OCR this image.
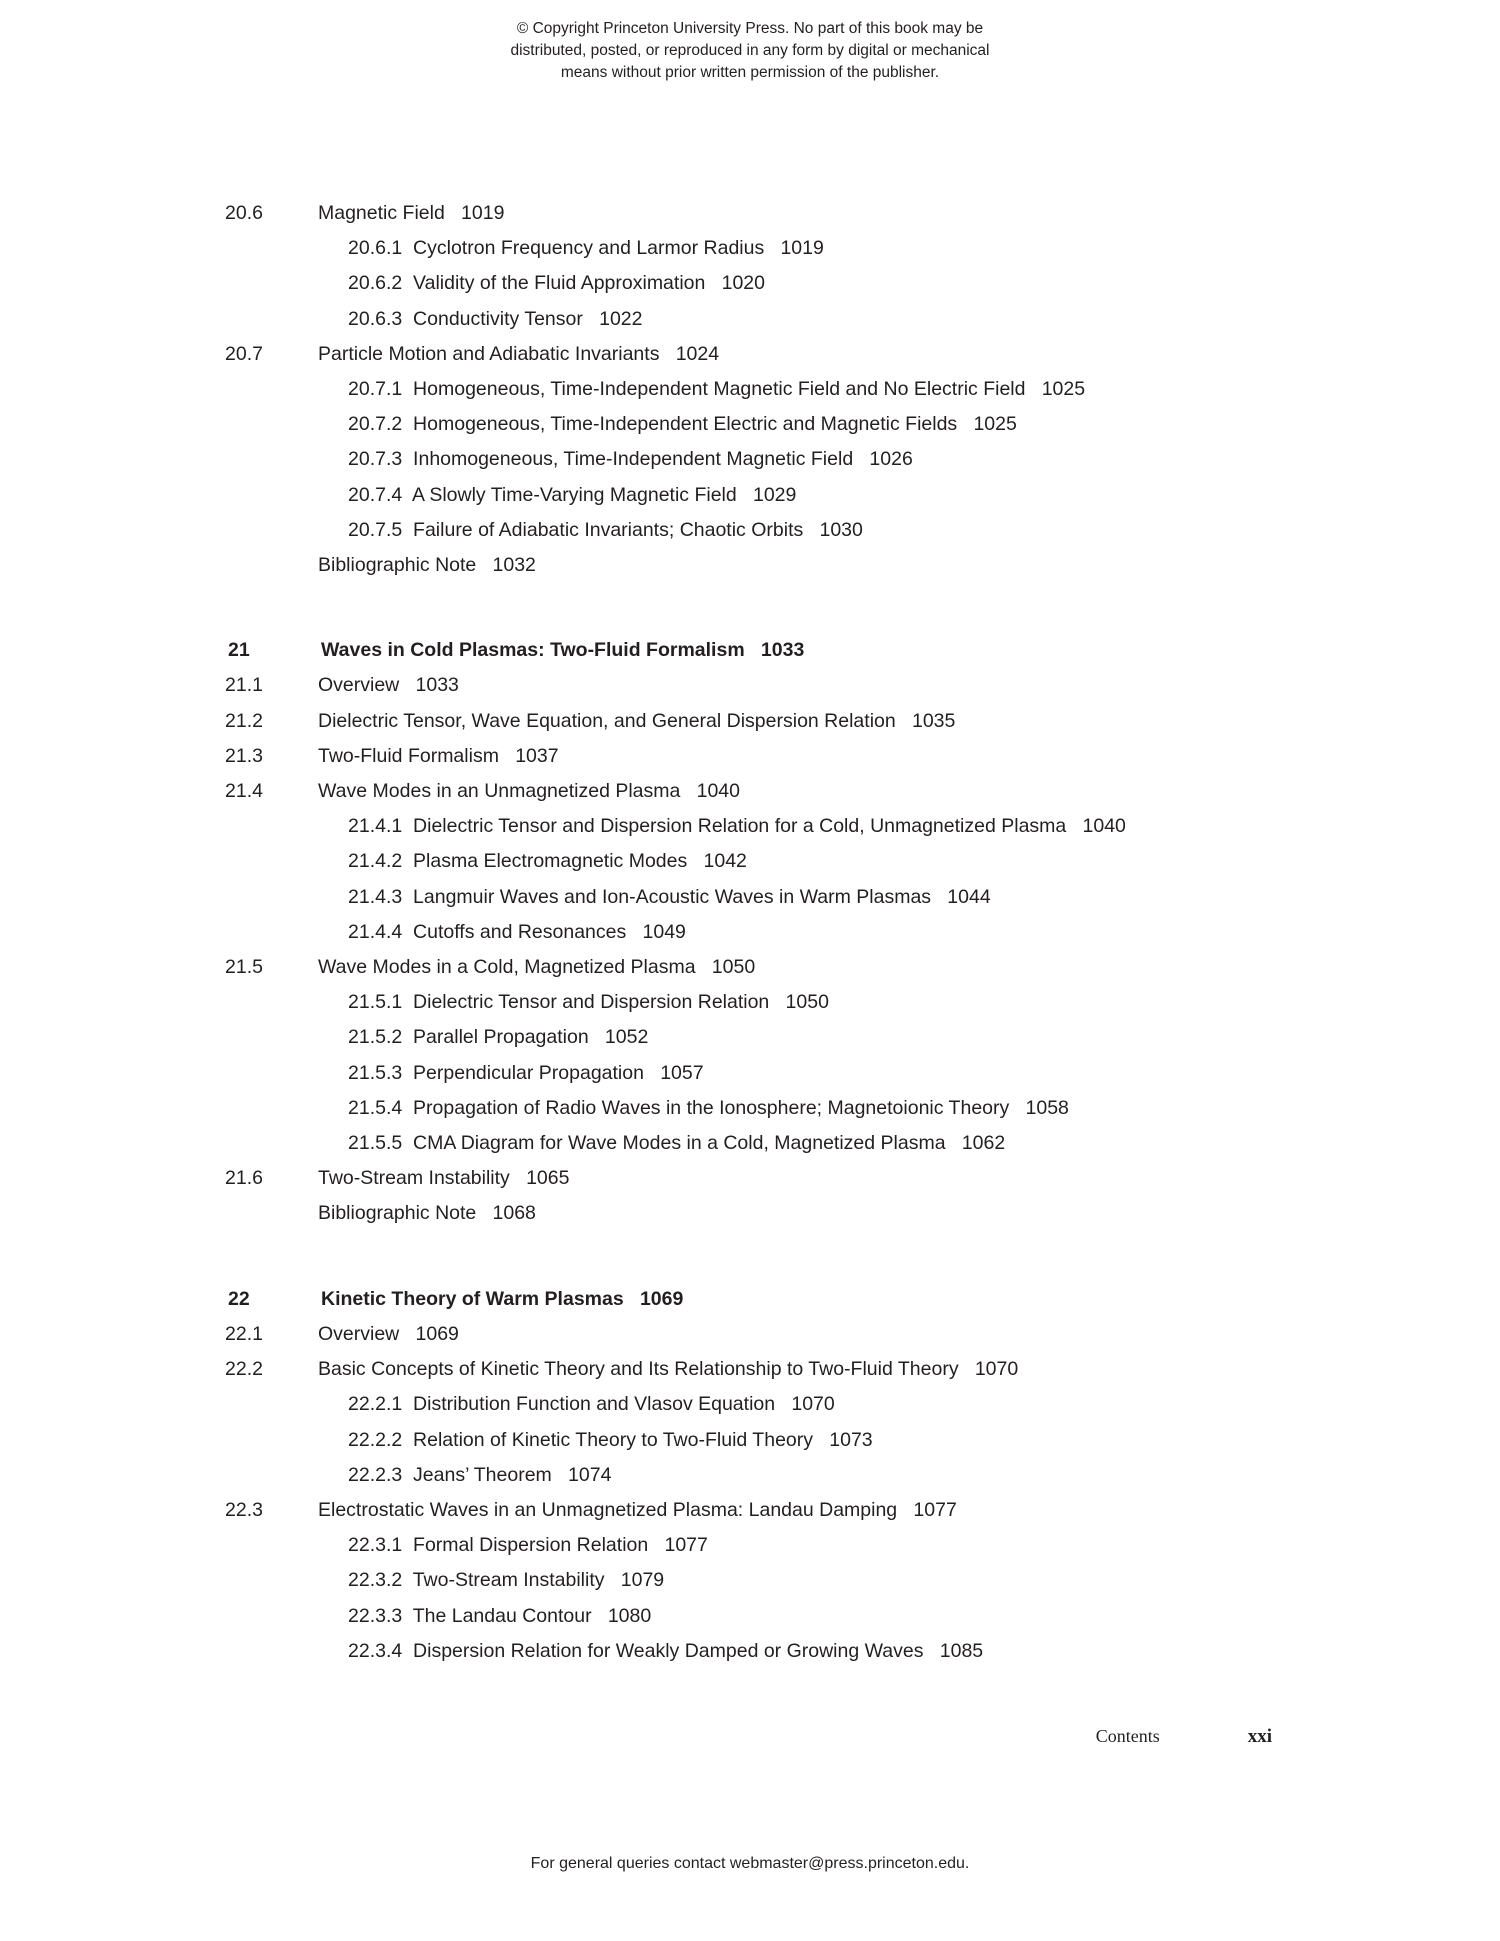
© Copyright Princeton University Press. No part of this book may be
distributed, posted, or reproduced in any form by digital or mechanical
means without prior written permission of the publisher.
20.6	Magnetic Field   1019
20.6.1  Cyclotron Frequency and Larmor Radius   1019
20.6.2  Validity of the Fluid Approximation   1020
20.6.3  Conductivity Tensor   1022
20.7	Particle Motion and Adiabatic Invariants   1024
20.7.1  Homogeneous, Time-Independent Magnetic Field and No Electric Field   1025
20.7.2  Homogeneous, Time-Independent Electric and Magnetic Fields   1025
20.7.3  Inhomogeneous, Time-Independent Magnetic Field   1026
20.7.4  A Slowly Time-Varying Magnetic Field   1029
20.7.5  Failure of Adiabatic Invariants; Chaotic Orbits   1030
Bibliographic Note   1032
21	Waves in Cold Plasmas: Two-Fluid Formalism   1033
21.1	Overview   1033
21.2	Dielectric Tensor, Wave Equation, and General Dispersion Relation   1035
21.3	Two-Fluid Formalism   1037
21.4	Wave Modes in an Unmagnetized Plasma   1040
21.4.1  Dielectric Tensor and Dispersion Relation for a Cold, Unmagnetized Plasma   1040
21.4.2  Plasma Electromagnetic Modes   1042
21.4.3  Langmuir Waves and Ion-Acoustic Waves in Warm Plasmas   1044
21.4.4  Cutoffs and Resonances   1049
21.5	Wave Modes in a Cold, Magnetized Plasma   1050
21.5.1  Dielectric Tensor and Dispersion Relation   1050
21.5.2  Parallel Propagation   1052
21.5.3  Perpendicular Propagation   1057
21.5.4  Propagation of Radio Waves in the Ionosphere; Magnetoionic Theory   1058
21.5.5  CMA Diagram for Wave Modes in a Cold, Magnetized Plasma   1062
21.6	Two-Stream Instability   1065
Bibliographic Note   1068
22	Kinetic Theory of Warm Plasmas   1069
22.1	Overview   1069
22.2	Basic Concepts of Kinetic Theory and Its Relationship to Two-Fluid Theory   1070
22.2.1  Distribution Function and Vlasov Equation   1070
22.2.2  Relation of Kinetic Theory to Two-Fluid Theory   1073
22.2.3  Jeans’ Theorem   1074
22.3	Electrostatic Waves in an Unmagnetized Plasma: Landau Damping   1077
22.3.1  Formal Dispersion Relation   1077
22.3.2  Two-Stream Instability   1079
22.3.3  The Landau Contour   1080
22.3.4  Dispersion Relation for Weakly Damped or Growing Waves   1085
Contents	xxi
For general queries contact webmaster@press.princeton.edu.
